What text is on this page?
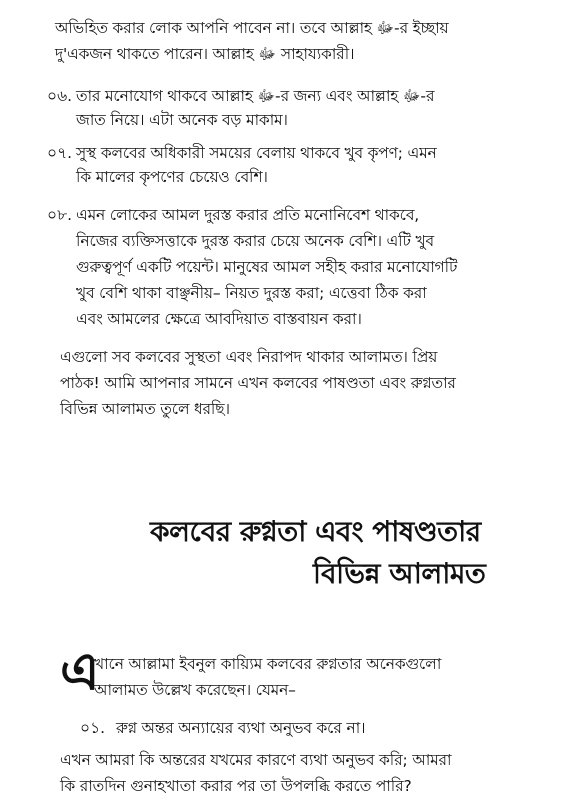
অভিহিত করার লোক আপনি পাবেন না। তবে আল্লাহ ﷻ-র ইচ্ছায়
দু'একজন থাকতে পারেন। আল্লাহ ﷻ সাহায্যকারী।
০৬. তার মনোযোগ থাকবে আল্লাহ ﷻ-র জন্য এবং আল্লাহ ﷻ-র
জাত নিয়ে। এটা অনেক বড় মাকাম।
০৭. সুস্থ কলবের অধিকারী সময়ের বেলায় থাকবে খুব কৃপণ; এমন
কি মালের কৃপণের চেয়েও বেশি।
০৮. এমন লোকের আমল দুরস্ত করার প্রতি মনোনিবেশ থাকবে,
নিজের ব্যক্তিসত্তাকে দুরস্ত করার চেয়ে অনেক বেশি। এটি খুব
গুরুত্বপূর্ণ একটি পয়েন্ট। মানুষের আমল সহীহ করার মনোযোগটি
খুব বেশি থাকা বাঞ্ছনীয়– নিয়ত দুরস্ত করা; এত্তেবা ঠিক করা
এবং আমলের ক্ষেত্রে আবদিয়াত বাস্তবায়ন করা।
এগুলো সব কলবের সুস্থতা এবং নিরাপদ থাকার আলামত। প্রিয়
পাঠক! আমি আপনার সামনে এখন কলবের পাষণ্ডতা এবং রুগ্নতার
বিভিন্ন আলামত তুলে ধরছি।
কলবের রুগ্নতা এবং পাষণ্ডতার
বিভিন্ন আলামত
এ
খানে আল্লামা ইবনুল কায়্যিম কলবের রুগ্নতার অনেকগুলো
আলামত উল্লেখ করেছেন। যেমন–
০১. রুগ্ন অন্তর অন্যায়ের ব্যথা অনুভব করে না।
এখন আমরা কি অন্তরের যখমের কারণে ব্যথা অনুভব করি; আমরা
কি রাতদিন গুনাহখাতা করার পর তা উপলব্ধি করতে পারি?
